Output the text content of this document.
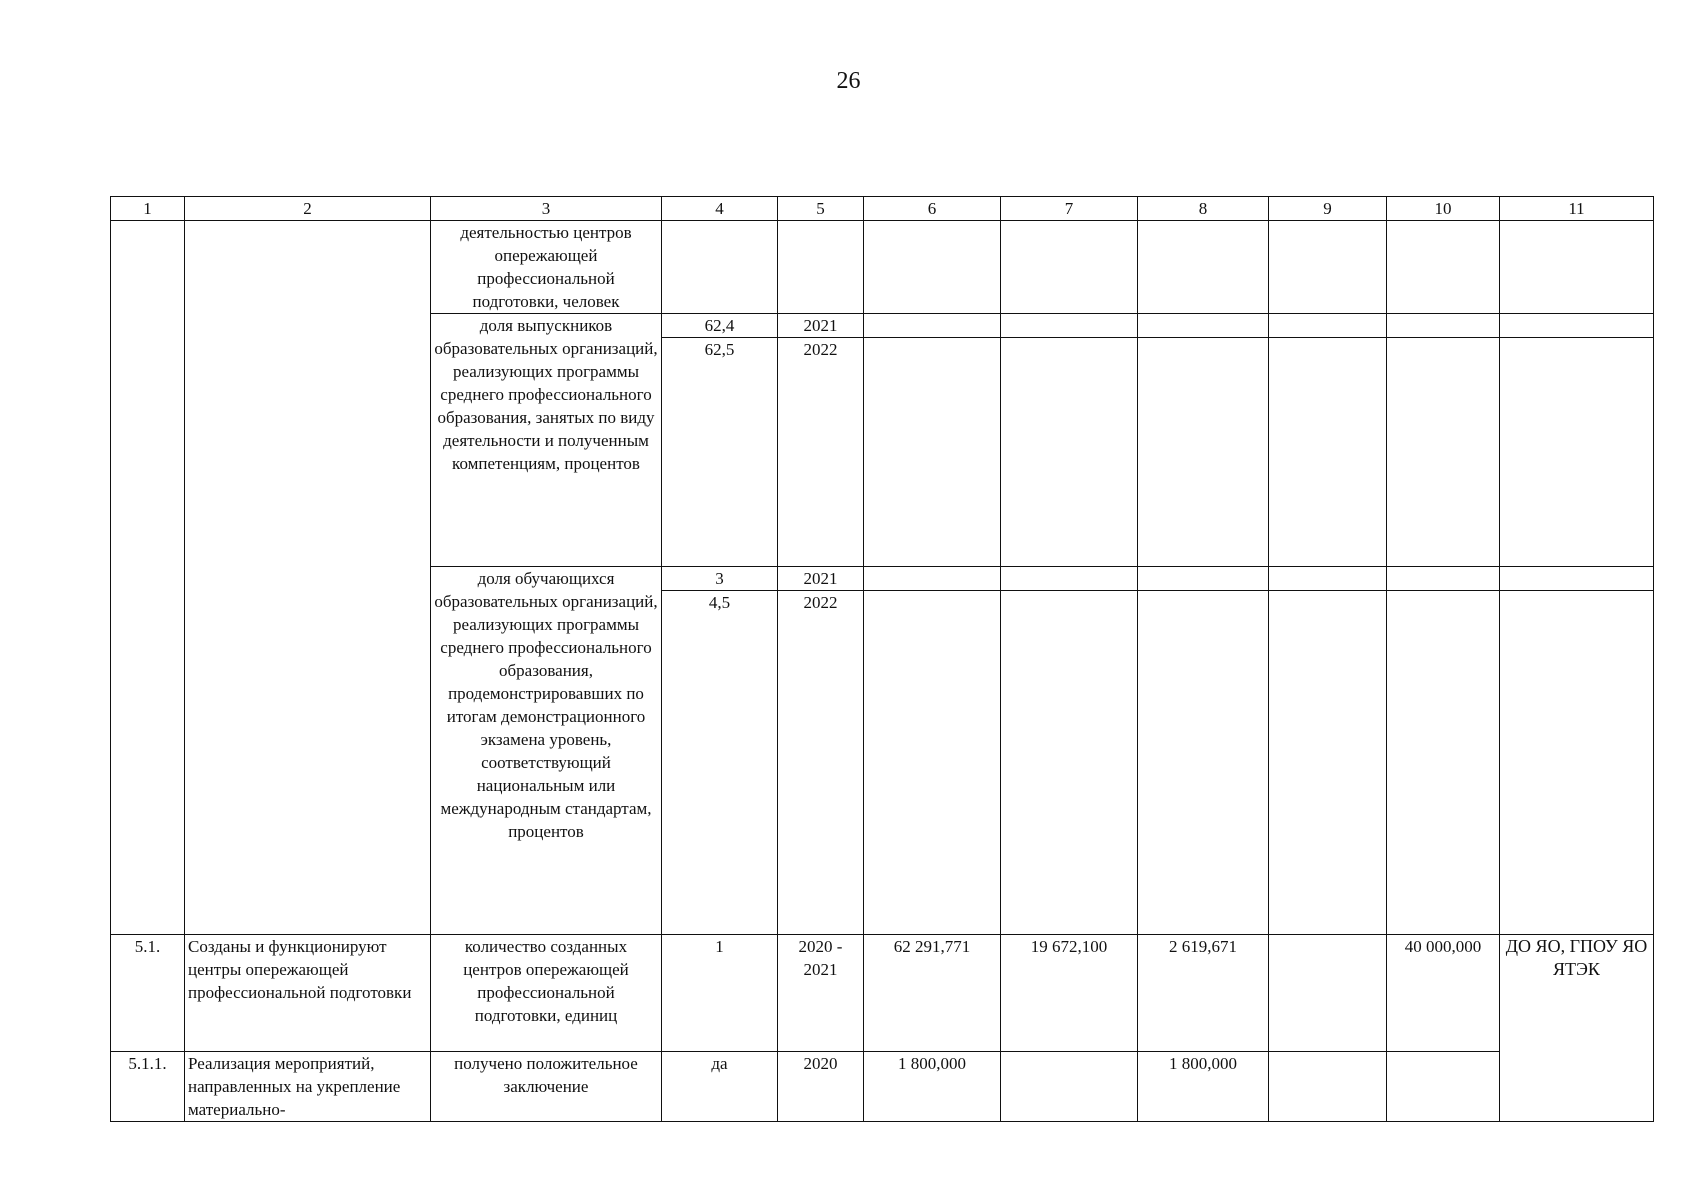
26
1	2	3	4	5	6	7	8	9	10	11
		деятельностью центров опережающей профессиональной подготовки, человек								
		доля выпускников образовательных организаций, реализующих программы среднего профессионального образования, занятых по виду деятельности и полученным компетенциям, процентов	62,4	2021						
			62,5	2022						
		доля обучающихся образовательных организаций, реализующих программы среднего профессионального образования, продемонстрировавших по итогам демонстрационного экзамена уровень, соответствующий национальным или международным стандартам, процентов	3	2021						
			4,5	2022						
5.1.	Созданы и функционируют центры опережающей профессиональной подготовки	количество созданных центров опережающей профессиональной подготовки, единиц	1	2020 - 2021	62 291,771	19 672,100	2 619,671		40 000,000	ДО ЯО, ГПОУ ЯО ЯТЭК
5.1.1.	Реализация мероприятий, направленных на укрепление материально-	получено положительное заключение	да	2020	1 800,000		1 800,000			
